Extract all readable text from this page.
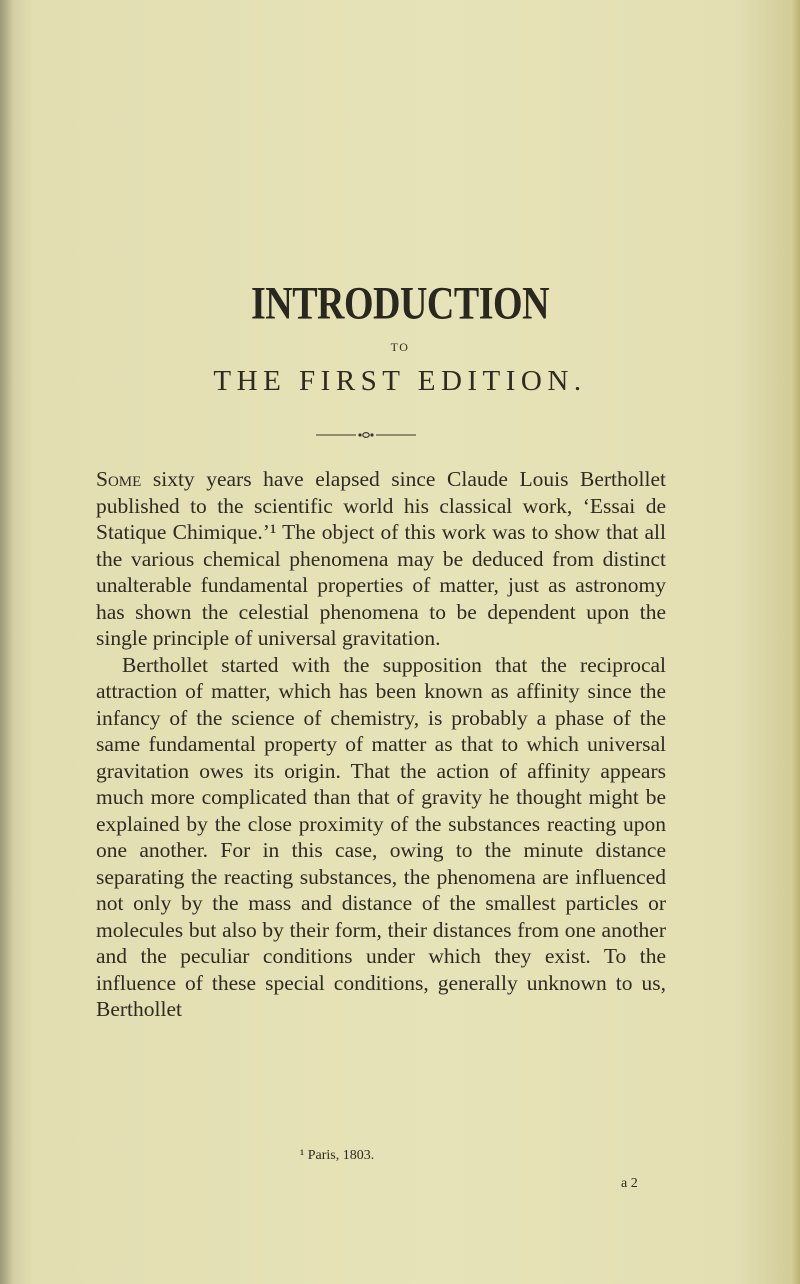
INTRODUCTION
TO
THE FIRST EDITION.

Some sixty years have elapsed since Claude Louis Berthollet published to the scientific world his classical work, ‘Essai de Statique Chimique.’¹ The object of this work was to show that all the various chemical phenomena may be deduced from distinct unalterable fundamental properties of matter, just as astronomy has shown the celestial phenomena to be dependent upon the single principle of universal gravitation.

Berthollet started with the supposition that the reciprocal attraction of matter, which has been known as affinity since the infancy of the science of chemistry, is probably a phase of the same fundamental property of matter as that to which universal gravitation owes its origin. That the action of affinity appears much more complicated than that of gravity he thought might be explained by the close proximity of the substances reacting upon one another. For in this case, owing to the minute distance separating the reacting substances, the phenomena are influenced not only by the mass and distance of the smallest particles or molecules but also by their form, their distances from one another and the peculiar conditions under which they exist. To the influence of these special conditions, generally unknown to us, Berthollet

¹ Paris, 1803.
a 2
